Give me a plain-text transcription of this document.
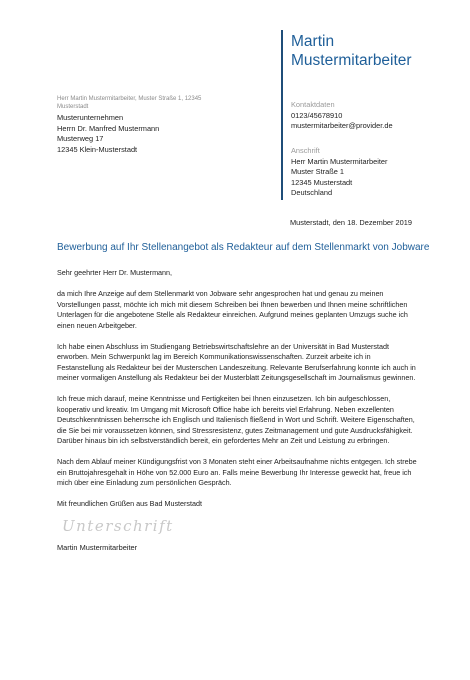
Martin
Mustermitarbeiter
Herr Martin Mustermitarbeiter, Muster Straße 1, 12345 Musterstadt
Musterunternehmen
Herrn Dr. Manfred Mustermann
Musterweg 17
12345 Klein-Musterstadt
Kontaktdaten
0123/45678910
mustermitarbeiter@provider.de
Anschrift
Herr Martin Mustermitarbeiter
Muster Straße 1
12345 Musterstadt
Deutschland
Musterstadt, den 18. Dezember 2019
Bewerbung auf Ihr Stellenangebot als Redakteur auf dem Stellenmarkt von Jobware

Sehr geehrter Herr Dr. Mustermann,

da mich Ihre Anzeige auf dem Stellenmarkt von Jobware sehr angesprochen hat und genau zu meinen Vorstellungen passt, möchte ich mich mit diesem Schreiben bei Ihnen bewerben und Ihnen meine schriftlichen Unterlagen für die angebotene Stelle als Redakteur einreichen. Aufgrund meines geplanten Umzugs suche ich einen neuen Arbeitgeber.

Ich habe einen Abschluss im Studiengang Betriebswirtschaftslehre an der Universität in Bad Musterstadt erworben. Mein Schwerpunkt lag im Bereich Kommunikationswissenschaften. Zurzeit arbeite ich in Festanstellung als Redakteur bei der Musterschen Landeszeitung. Relevante Berufserfahrung konnte ich auch in meiner vormaligen Anstellung als Redakteur bei der Musterblatt Zeitungsgesellschaft im Journalismus gewinnen.

Ich freue mich darauf, meine Kenntnisse und Fertigkeiten bei Ihnen einzusetzen. Ich bin aufgeschlossen, kooperativ und kreativ. Im Umgang mit Microsoft Office habe ich bereits viel Erfahrung. Neben exzellenten Deutschkenntnissen beherrsche ich Englisch und Italienisch fließend in Wort und Schrift. Weitere Eigenschaften, die Sie bei mir voraussetzen können, sind Stressresistenz, gutes Zeitmanagement und gute Ausdrucksfähigkeit. Darüber hinaus bin ich selbstverständlich bereit, ein gefordertes Mehr an Zeit und Leistung zu erbringen.

Nach dem Ablauf meiner Kündigungsfrist von 3 Monaten steht einer Arbeitsaufnahme nichts entgegen. Ich strebe ein Bruttojahresgehalt in Höhe von 52.000 Euro an. Falls meine Bewerbung Ihr Interesse geweckt hat, freue ich mich über eine Einladung zum persönlichen Gespräch.

Mit freundlichen Grüßen aus Bad Musterstadt

Unterschrift
Martin Mustermitarbeiter
